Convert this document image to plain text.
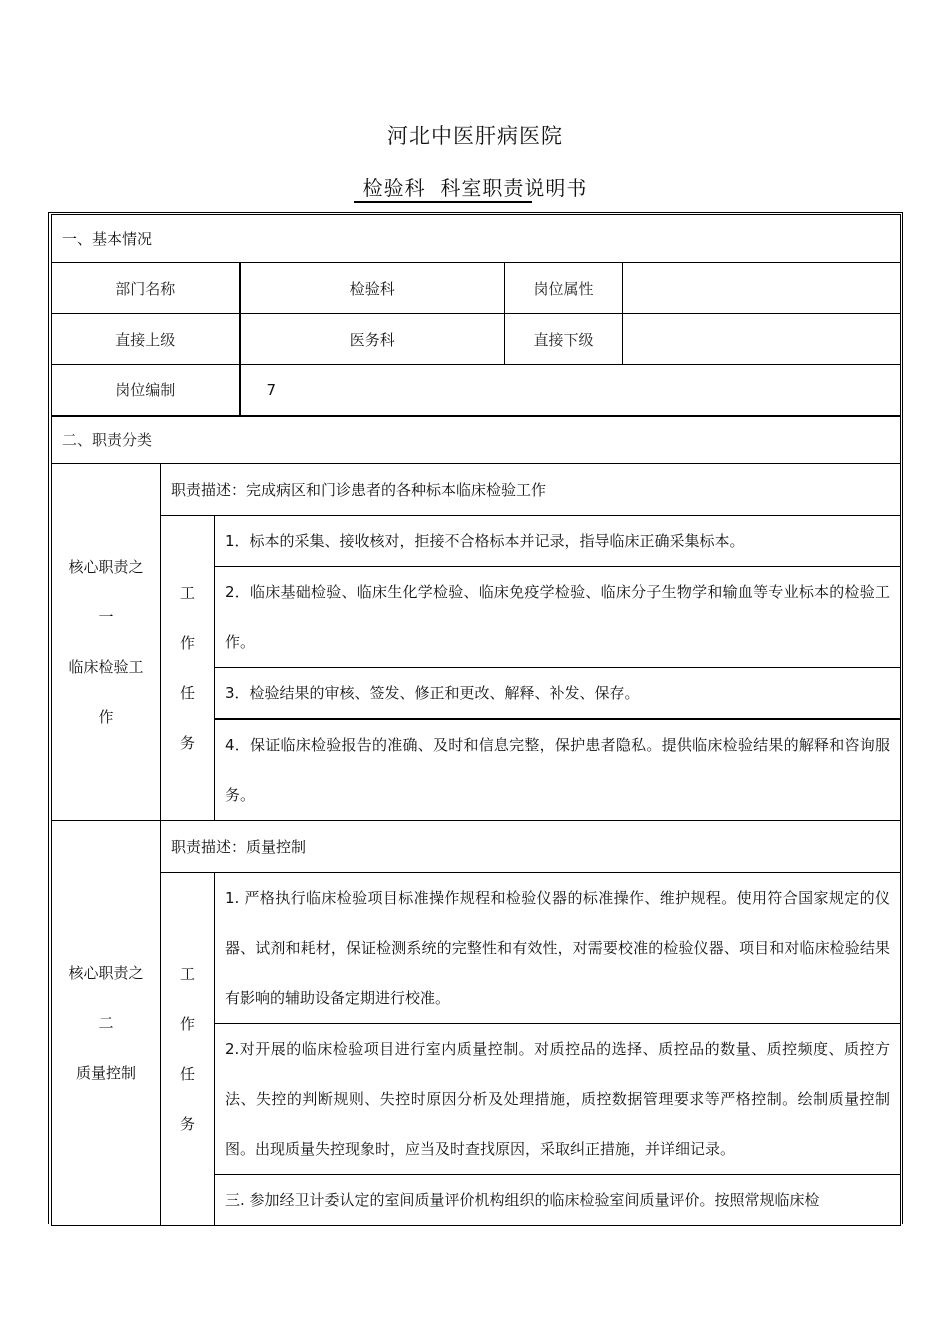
河北中医肝病医院
检验科  科室职责说明书
一、基本情况					
部门名称			检验科	岗位属性	
直接上级			医务科	直接下级	
岗位编制			7		
二、职责分类					

核心职责之
一
临床检验工
作	职责描述：完成病区和门诊患者的各种标本临床检验工作				

	工
作
任
务	1．标本的采集、接收核对，拒接不合格标本并记录，指导临床正确采集标本。			
		2．临床基础检验、临床生化学检验、临床免疫学检验、临床分子生物学和输血等专业标本的检验工作。			
		3．检验结果的审核、签发、修正和更改、解释、补发、保存。			
		4．保证临床检验报告的准确、及时和信息完整，保护患者隐私。提供临床检验结果的解释和咨询服务。			

核心职责之
二
质量控制	职责描述：质量控制				

	工
作
任
务	1. 严格执行临床检验项目标准操作规程和检验仪器的标准操作、维护规程。使用符合国家规定的仪器、试剂和耗材，保证检测系统的完整性和有效性，对需要校准的检验仪器、项目和对临床检验结果有影响的辅助设备定期进行校准。			
		2.对开展的临床检验项目进行室内质量控制。对质控品的选择、质控品的数量、质控频度、质控方法、失控的判断规则、失控时原因分析及处理措施，质控数据管理要求等严格控制。绘制质量控制图。出现质量失控现象时，应当及时查找原因，采取纠正措施，并详细记录。			
		三. 参加经卫计委认定的室间质量评价机构组织的临床检验室间质量评价。按照常规临床检			
